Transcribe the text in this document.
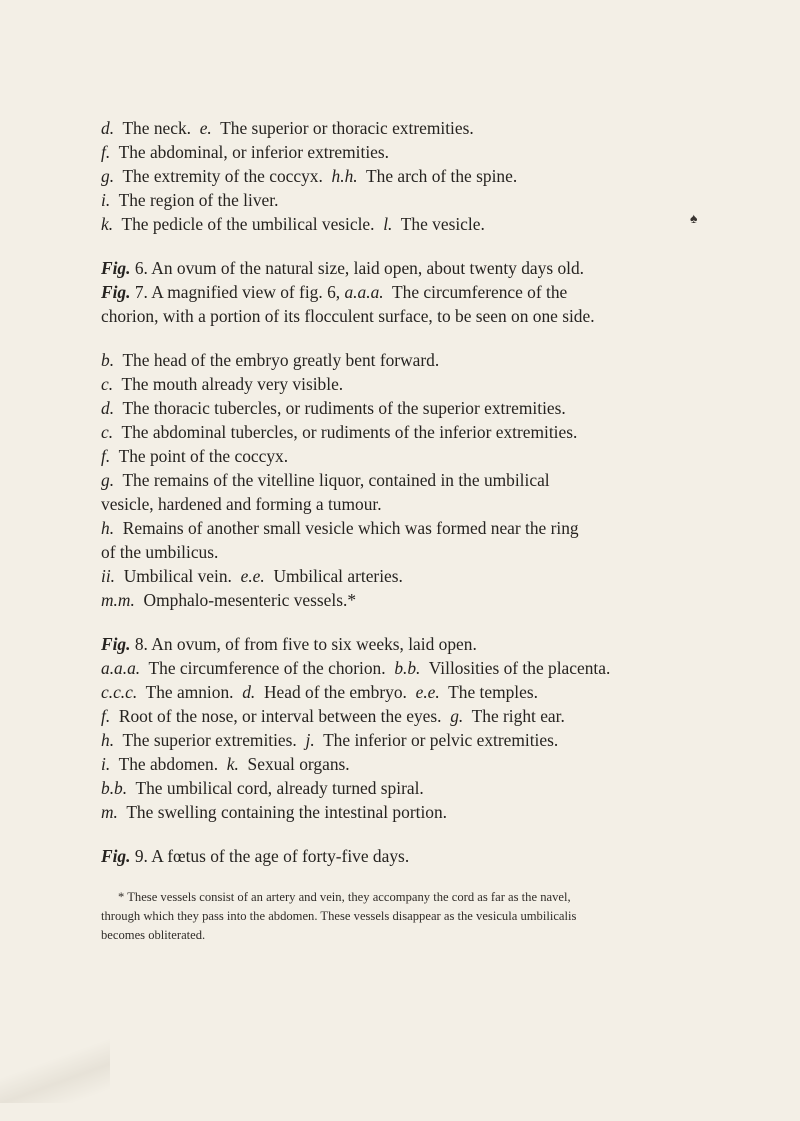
d. The neck. e. The superior or thoracic extremities.
f. The abdominal, or inferior extremities.
g. The extremity of the coccyx. h.h. The arch of the spine.
i. The region of the liver.
k. The pedicle of the umbilical vesicle. l. The vesicle.	♠
Fig. 6. An ovum of the natural size, laid open, about twenty days old.
Fig. 7. A magnified view of fig. 6, a.a.a. The circumference of the
chorion, with a portion of its flocculent surface, to be seen on one side.
b. The head of the embryo greatly bent forward.
c. The mouth already very visible.
d. The thoracic tubercles, or rudiments of the superior extremities.
c. The abdominal tubercles, or rudiments of the inferior extremities.
f. The point of the coccyx.
g. The remains of the vitelline liquor, contained in the umbilical
vesicle, hardened and forming a tumour.
h. Remains of another small vesicle which was formed near the ring
of the umbilicus.
ii. Umbilical vein. e.e. Umbilical arteries.
m.m. Omphalo-mesenteric vessels.*
Fig. 8. An ovum, of from five to six weeks, laid open.
a.a.a. The circumference of the chorion. b.b. Villosities of the placenta.
c.c.c. The amnion. d. Head of the embryo. e.e. The temples.
f. Root of the nose, or interval between the eyes. g. The right ear.
h. The superior extremities. j. The inferior or pelvic extremities.
i. The abdomen. k. Sexual organs.
b.b. The umbilical cord, already turned spiral.
m. The swelling containing the intestinal portion.
Fig. 9. A fœtus of the age of forty-five days.
* These vessels consist of an artery and vein, they accompany the cord as far as the navel,
through which they pass into the abdomen. These vessels disappear as the vesicula umbilicalis
becomes obliterated.
